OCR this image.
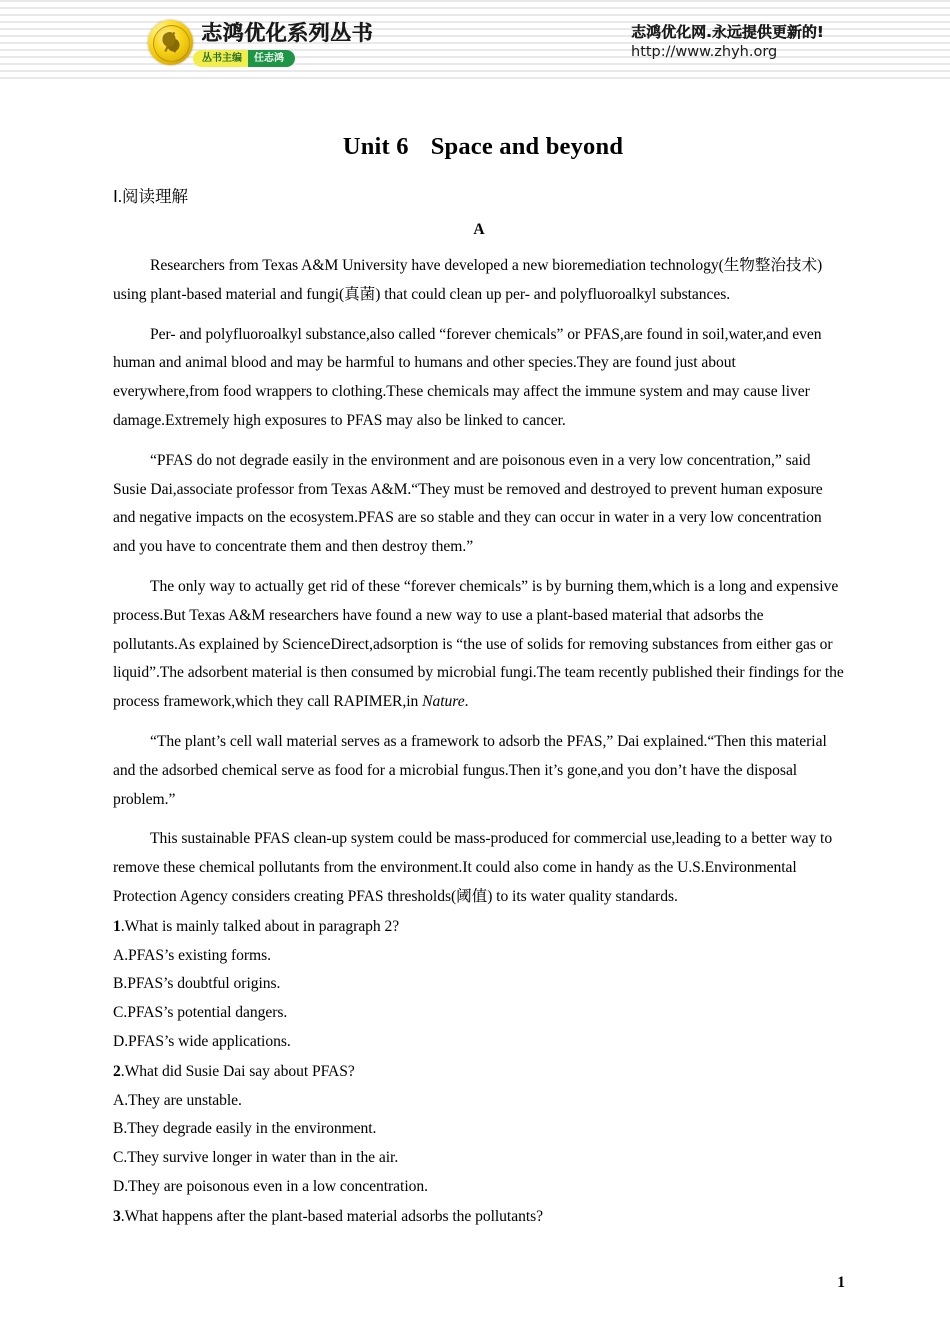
志鸿优化系列丛书
丛书主编	任志鸿
志鸿优化网.永远提供更新的!
http://www.zhyh.org
Unit 6 Space and beyond
Ⅰ.阅读理解
A

Researchers from Texas A&M University have developed a new bioremediation technology(生物整治技术) using plant-based material and fungi(真菌) that could clean up per- and polyfluoroalkyl substances.

Per- and polyfluoroalkyl substance,also called “forever chemicals” or PFAS,are found in soil,water,and even human and animal blood and may be harmful to humans and other species.They are found just about everywhere,from food wrappers to clothing.These chemicals may affect the immune system and may cause liver damage.Extremely high exposures to PFAS may also be linked to cancer.

“PFAS do not degrade easily in the environment and are poisonous even in a very low concentration,” said Susie Dai,associate professor from Texas A&M.“They must be removed and destroyed to prevent human exposure and negative impacts on the ecosystem.PFAS are so stable and they can occur in water in a very low concentration and you have to concentrate them and then destroy them.”

The only way to actually get rid of these “forever chemicals” is by burning them,which is a long and expensive process.But Texas A&M researchers have found a new way to use a plant-based material that adsorbs the pollutants.As explained by ScienceDirect,adsorption is “the use of solids for removing substances from either gas or liquid”.The adsorbent material is then consumed by microbial fungi.The team recently published their findings for the process framework,which they call RAPIMER,in Nature.

“The plant’s cell wall material serves as a framework to adsorb the PFAS,” Dai explained.“Then this material and the adsorbed chemical serve as food for a microbial fungus.Then it’s gone,and you don’t have the disposal problem.”

This sustainable PFAS clean-up system could be mass-produced for commercial use,leading to a better way to remove these chemical pollutants from the environment.It could also come in handy as the U.S.Environmental Protection Agency considers creating PFAS thresholds(阈值) to its water quality standards.

1.What is mainly talked about in paragraph 2?

A.PFAS’s existing forms.

B.PFAS’s doubtful origins.

C.PFAS’s potential dangers.

D.PFAS’s wide applications.

2.What did Susie Dai say about PFAS?

A.They are unstable.

B.They degrade easily in the environment.

C.They survive longer in water than in the air.

D.They are poisonous even in a low concentration.

3.What happens after the plant-based material adsorbs the pollutants?

1
